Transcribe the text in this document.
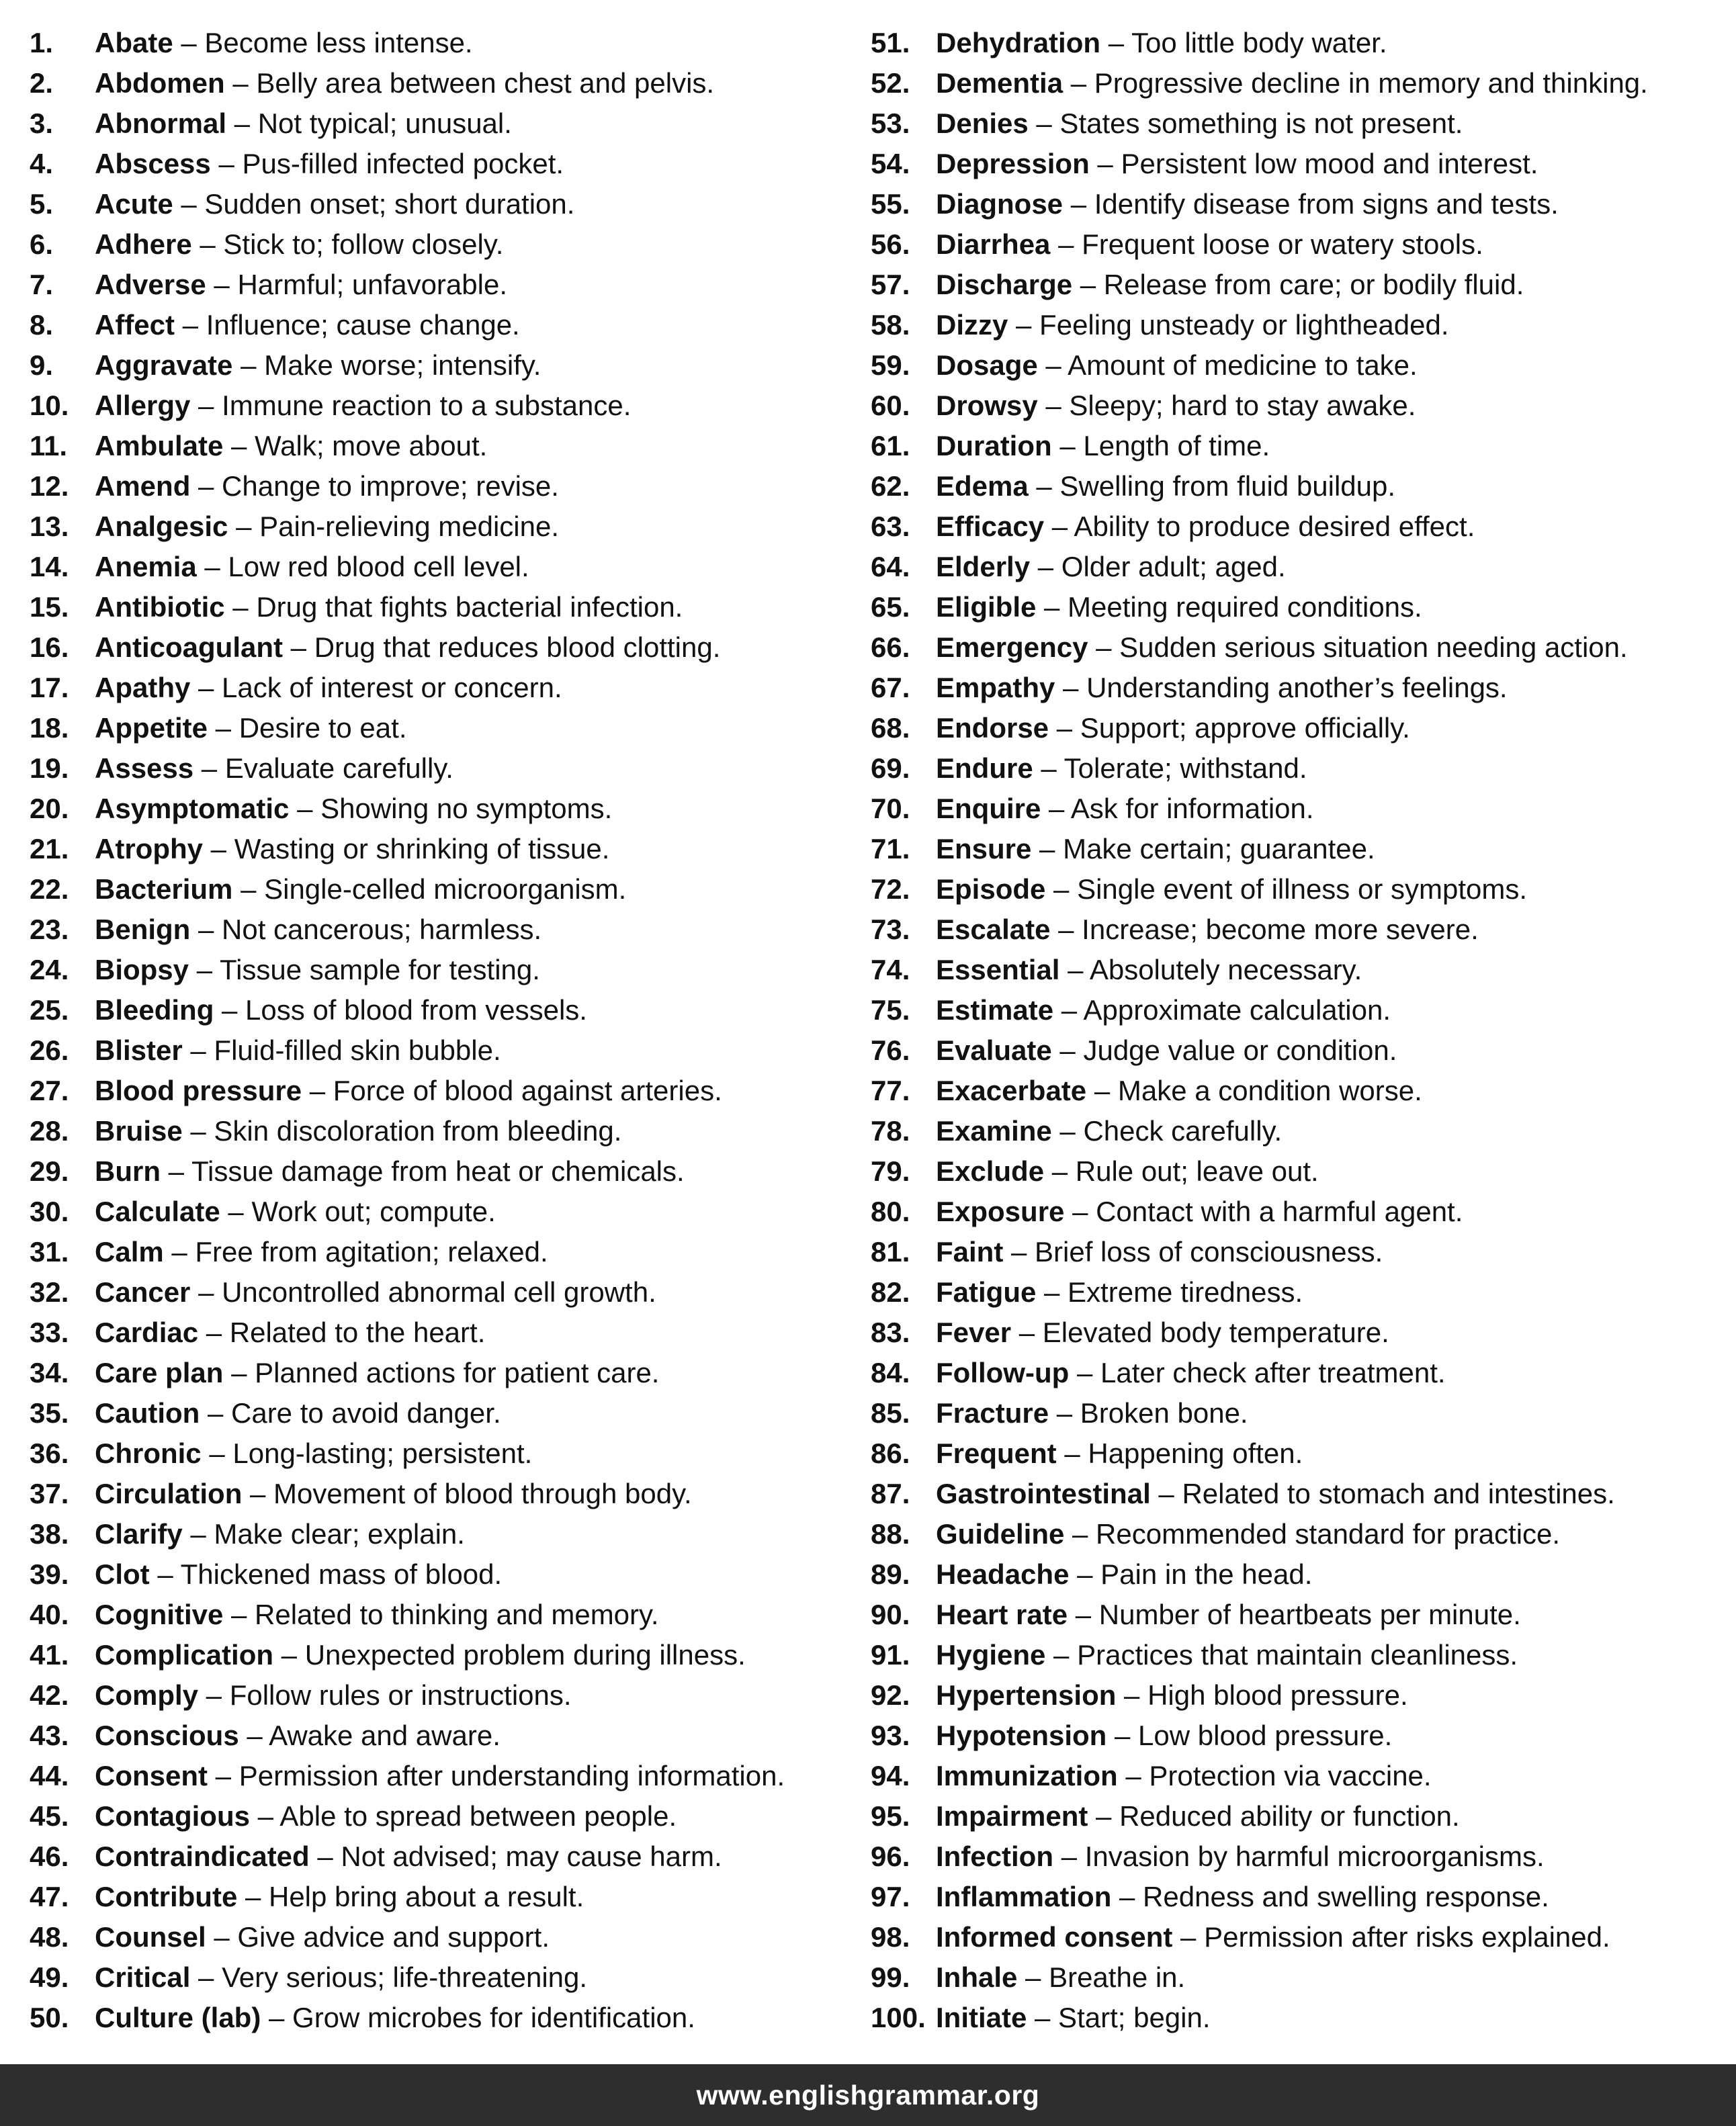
1. Abate – Become less intense.
2. Abdomen – Belly area between chest and pelvis.
3. Abnormal – Not typical; unusual.
4. Abscess – Pus-filled infected pocket.
5. Acute – Sudden onset; short duration.
6. Adhere – Stick to; follow closely.
7. Adverse – Harmful; unfavorable.
8. Affect – Influence; cause change.
9. Aggravate – Make worse; intensify.
10. Allergy – Immune reaction to a substance.
11. Ambulate – Walk; move about.
12. Amend – Change to improve; revise.
13. Analgesic – Pain-relieving medicine.
14. Anemia – Low red blood cell level.
15. Antibiotic – Drug that fights bacterial infection.
16. Anticoagulant – Drug that reduces blood clotting.
17. Apathy – Lack of interest or concern.
18. Appetite – Desire to eat.
19. Assess – Evaluate carefully.
20. Asymptomatic – Showing no symptoms.
21. Atrophy – Wasting or shrinking of tissue.
22. Bacterium – Single-celled microorganism.
23. Benign – Not cancerous; harmless.
24. Biopsy – Tissue sample for testing.
25. Bleeding – Loss of blood from vessels.
26. Blister – Fluid-filled skin bubble.
27. Blood pressure – Force of blood against arteries.
28. Bruise – Skin discoloration from bleeding.
29. Burn – Tissue damage from heat or chemicals.
30. Calculate – Work out; compute.
31. Calm – Free from agitation; relaxed.
32. Cancer – Uncontrolled abnormal cell growth.
33. Cardiac – Related to the heart.
34. Care plan – Planned actions for patient care.
35. Caution – Care to avoid danger.
36. Chronic – Long-lasting; persistent.
37. Circulation – Movement of blood through body.
38. Clarify – Make clear; explain.
39. Clot – Thickened mass of blood.
40. Cognitive – Related to thinking and memory.
41. Complication – Unexpected problem during illness.
42. Comply – Follow rules or instructions.
43. Conscious – Awake and aware.
44. Consent – Permission after understanding information.
45. Contagious – Able to spread between people.
46. Contraindicated – Not advised; may cause harm.
47. Contribute – Help bring about a result.
48. Counsel – Give advice and support.
49. Critical – Very serious; life-threatening.
50. Culture (lab) – Grow microbes for identification.
51. Dehydration – Too little body water.
52. Dementia – Progressive decline in memory and thinking.
53. Denies – States something is not present.
54. Depression – Persistent low mood and interest.
55. Diagnose – Identify disease from signs and tests.
56. Diarrhea – Frequent loose or watery stools.
57. Discharge – Release from care; or bodily fluid.
58. Dizzy – Feeling unsteady or lightheaded.
59. Dosage – Amount of medicine to take.
60. Drowsy – Sleepy; hard to stay awake.
61. Duration – Length of time.
62. Edema – Swelling from fluid buildup.
63. Efficacy – Ability to produce desired effect.
64. Elderly – Older adult; aged.
65. Eligible – Meeting required conditions.
66. Emergency – Sudden serious situation needing action.
67. Empathy – Understanding another’s feelings.
68. Endorse – Support; approve officially.
69. Endure – Tolerate; withstand.
70. Enquire – Ask for information.
71. Ensure – Make certain; guarantee.
72. Episode – Single event of illness or symptoms.
73. Escalate – Increase; become more severe.
74. Essential – Absolutely necessary.
75. Estimate – Approximate calculation.
76. Evaluate – Judge value or condition.
77. Exacerbate – Make a condition worse.
78. Examine – Check carefully.
79. Exclude – Rule out; leave out.
80. Exposure – Contact with a harmful agent.
81. Faint – Brief loss of consciousness.
82. Fatigue – Extreme tiredness.
83. Fever – Elevated body temperature.
84. Follow-up – Later check after treatment.
85. Fracture – Broken bone.
86. Frequent – Happening often.
87. Gastrointestinal – Related to stomach and intestines.
88. Guideline – Recommended standard for practice.
89. Headache – Pain in the head.
90. Heart rate – Number of heartbeats per minute.
91. Hygiene – Practices that maintain cleanliness.
92. Hypertension – High blood pressure.
93. Hypotension – Low blood pressure.
94. Immunization – Protection via vaccine.
95. Impairment – Reduced ability or function.
96. Infection – Invasion by harmful microorganisms.
97. Inflammation – Redness and swelling response.
98. Informed consent – Permission after risks explained.
99. Inhale – Breathe in.
100. Initiate – Start; begin.
www.englishgrammar.org
